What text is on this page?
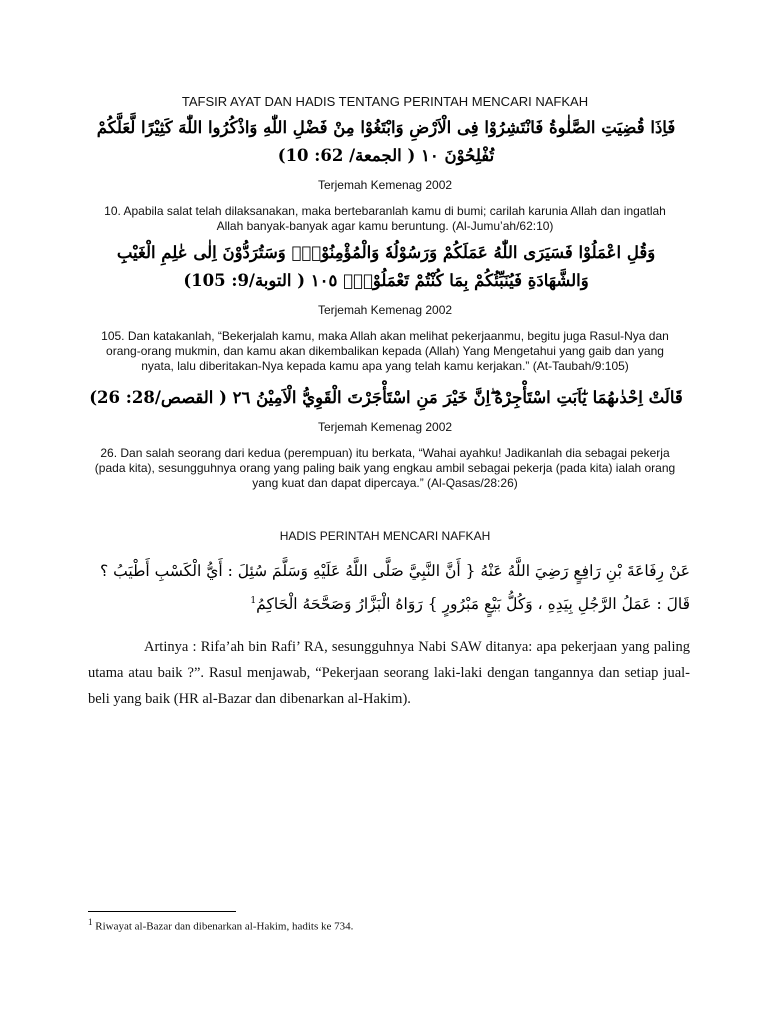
TAFSIR AYAT DAN HADIS TENTANG PERINTAH MENCARI NAFKAH
فَاِذَا قُضِيَتِ الصَّلٰوةُ فَانْتَشِرُوْا فِى الْاَرْضِ وَابْتَغُوْا مِنْ فَضْلِ اللّٰهِ وَاذْكُرُوا اللّٰهَ كَثِيْرًا لَّعَلَّكُمْ تُفْلِحُوْنَ ١٠ ( الجمعة/ 62: 10)
Terjemah Kemenag 2002
10. Apabila salat telah dilaksanakan, maka bertebaranlah kamu di bumi; carilah karunia Allah dan ingatlah Allah banyak-banyak agar kamu beruntung. (Al-Jumu’ah/62:10)
وَقُلِ اعْمَلُوْا فَسَيَرَى اللّٰهُ عَمَلَكُمْ وَرَسُوْلُهٗ وَالْمُؤْمِنُوْنَۗ وَسَتُرَدُّوْنَ اِلٰى عٰلِمِ الْغَيْبِ وَالشَّهَادَةِ فَيُنَبِّئُكُمْ بِمَا كُنْتُمْ تَعْمَلُوْنَۚ ١٠٥ ( التوبة/9: 105)
Terjemah Kemenag 2002
105. Dan katakanlah, “Bekerjalah kamu, maka Allah akan melihat pekerjaanmu, begitu juga Rasul-Nya dan orang-orang mukmin, dan kamu akan dikembalikan kepada (Allah) Yang Mengetahui yang gaib dan yang nyata, lalu diberitakan-Nya kepada kamu apa yang telah kamu kerjakan.” (At-Taubah/9:105)
قَالَتْ اِحْدٰىهُمَا يٰٓاَبَتِ اسْتَأْجِرْهُ ۖاِنَّ خَيْرَ مَنِ اسْتَأْجَرْتَ الْقَوِيُّ الْاَمِيْنُ ٢٦ ( القصص/28: 26)
Terjemah Kemenag 2002
26. Dan salah seorang dari kedua (perempuan) itu berkata, “Wahai ayahku! Jadikanlah dia sebagai pekerja (pada kita), sesungguhnya orang yang paling baik yang engkau ambil sebagai pekerja (pada kita) ialah orang yang kuat dan dapat dipercaya.” (Al-Qasas/28:26)
HADIS PERINTAH MENCARI NAFKAH
عَنْ رِفَاعَةَ بْنِ رَافِعٍ رَضِيَ اللَّهُ عَنْهُ { أَنَّ النَّبِيَّ صَلَّى اللَّهُ عَلَيْهِ وَسَلَّمَ سُئِلَ : أَيُّ الْكَسْبِ أَطْيَبُ ؟ قَالَ : عَمَلُ الرَّجُلِ بِيَدِهِ ، وَكُلُّ بَيْعٍ مَبْرُورٍ } رَوَاهُ الْبَزَّارُ وَصَحَّحَهُ الْحَاكِمُ$^1$
Artinya : Rifa’ah bin Rafi’ RA, sesungguhnya Nabi SAW ditanya: apa pekerjaan yang paling utama atau baik ?”. Rasul menjawab, “Pekerjaan seorang laki-laki dengan tangannya dan setiap jual-beli yang baik (HR al-Bazar dan dibenarkan al-Hakim).
$^1$ Riwayat al-Bazar dan dibenarkan al-Hakim, hadits ke 734.
